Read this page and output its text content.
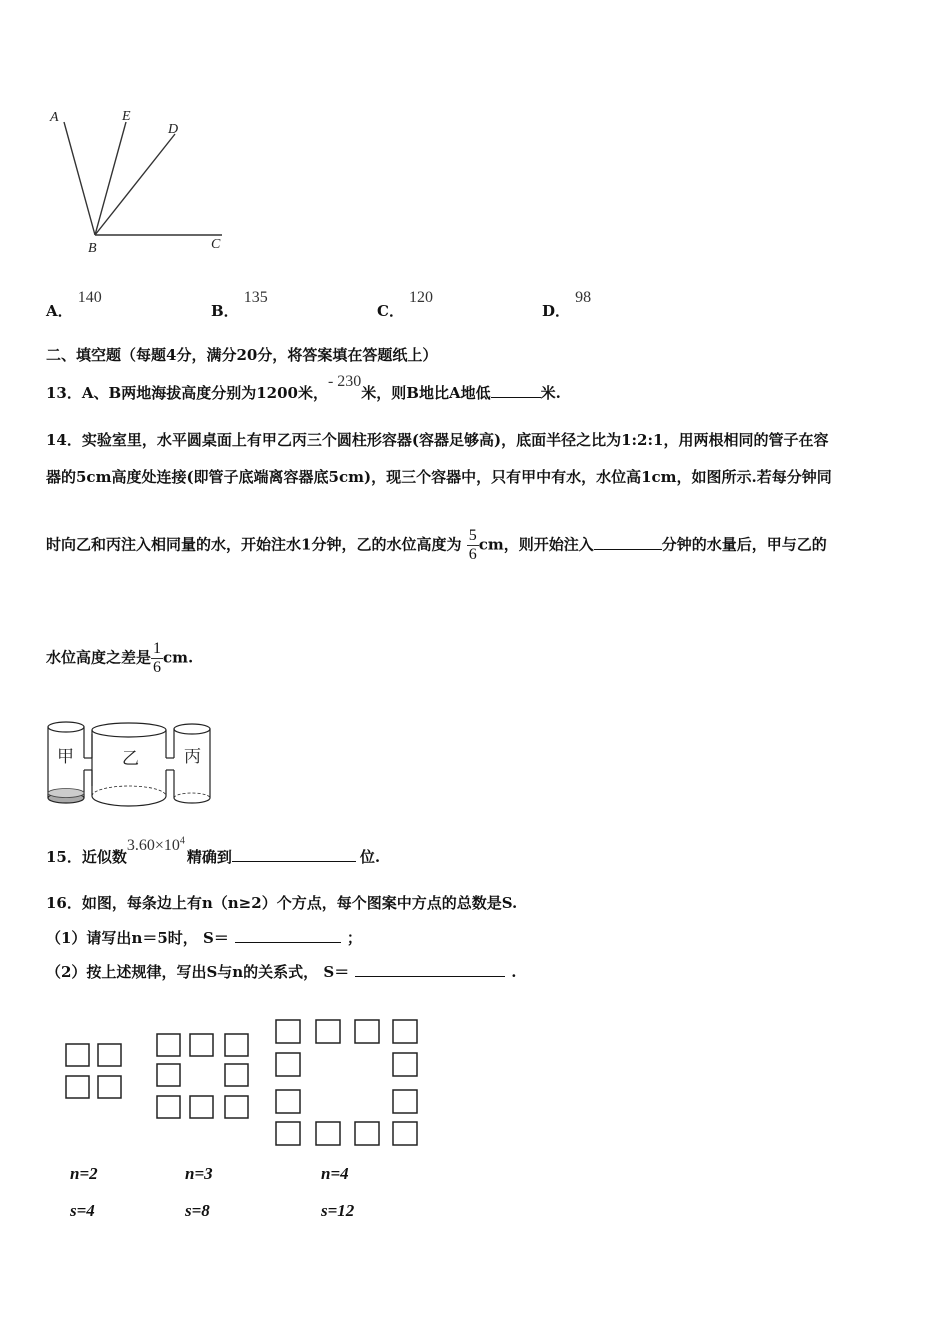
A	E
D
B	C
A． 140
B． 135
C． 120
D． 98
二、填空题（每题4分，满分20分，将答案填在答题纸上）
13．A、B两地海拔高度分别为1200米，- 230米，则B地比A地低	米.
14．实验室里，水平圆桌面上有甲乙丙三个圆柱形容器(容器足够高)，底面半径之比为1:2:1，用两根相同的管子在容
器的5cm高度处连接(即管子底端离容器底5cm)，现三个容器中，只有甲中有水，水位高1cm，如图所示.若每分钟同
时向乙和丙注入相同量的水，开始注水1分钟，乙的水位高度为 $\frac{5}{6}$ cm，则开始注入	分钟的水量后，甲与乙的
水位高度之差是 $\frac{1}{6}$ cm.
甲	乙	丙
15．近似数$3.60\times 10^4$精确到	位.
16．如图，每条边上有n（n≥2）个方点，每个图案中方点的总数是S.
（1）请写出n＝5时， S＝	；
（2）按上述规律，写出S与n的关系式， S＝	.
n=2
s=4
n=3
s=8
n=4
s=12
